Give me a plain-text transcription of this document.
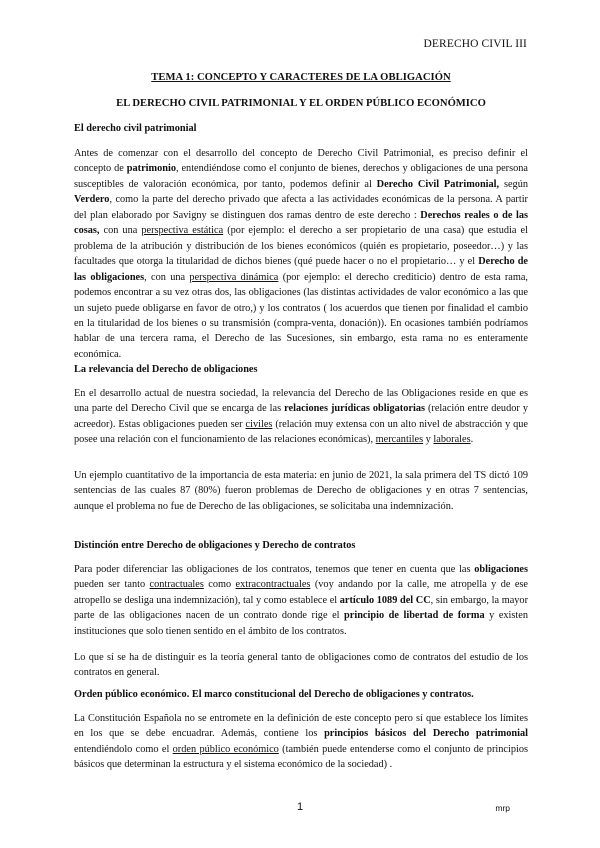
DERECHO CIVIL III
TEMA 1: CONCEPTO Y CARACTERES DE LA OBLIGACIÓN
EL DERECHO CIVIL PATRIMONIAL Y EL ORDEN PÚBLICO ECONÓMICO
El derecho civil patrimonial

Antes de comenzar con el desarrollo del concepto de Derecho Civil Patrimonial, es preciso definir el concepto de patrimonio, entendiéndose como el conjunto de bienes, derechos y obligaciones de una persona susceptibles de valoración económica, por tanto, podemos definir al Derecho Civil Patrimonial, según Verdero, como la parte del derecho privado que afecta a las actividades económicas de la persona. A partir del plan elaborado por Savigny se distinguen dos ramas dentro de este derecho : Derechos reales o de las cosas, con una perspectiva estática (por ejemplo: el derecho a ser propietario de una casa) que estudia el problema de la atribución y distribución de los bienes económicos (quién es propietario, poseedor…) y las facultades que otorga la titularidad de dichos bienes (qué puede hacer o no el propietario… y el Derecho de las obligaciones, con una perspectiva dinámica (por ejemplo: el derecho crediticio) dentro de esta rama, podemos encontrar a su vez otras dos, las obligaciones (las distintas actividades de valor económico a las que un sujeto puede obligarse en favor de otro,) y los contratos ( los acuerdos que tienen por finalidad el cambio en la titularidad de los bienes o su transmisión (compra-venta, donación)). En ocasiones también podríamos hablar de una tercera rama, el Derecho de las Sucesiones, sin embargo, esta rama no es enteramente económica.

La relevancia del Derecho de obligaciones

En el desarrollo actual de nuestra sociedad, la relevancia del Derecho de las Obligaciones reside en que es una parte del Derecho Civil que se encarga de las relaciones jurídicas obligatorias (relación entre deudor y acreedor). Estas obligaciones pueden ser civiles (relación muy extensa con un alto nivel de abstracción y que posee una relación con el funcionamiento de las relaciones económicas), mercantiles y laborales.

Un ejemplo cuantitativo de la importancia de esta materia: en junio de 2021, la sala primera del TS dictó 109 sentencias de las cuales 87 (80%) fueron problemas de Derecho de obligaciones y en otras 7 sentencias, aunque el problema no fue de Derecho de las obligaciones, se solicitaba una indemnización.

Distinción entre Derecho de obligaciones y Derecho de contratos

Para poder diferenciar las obligaciones de los contratos, tenemos que tener en cuenta que las obligaciones pueden ser tanto contractuales como extracontractuales (voy andando por la calle, me atropella y de ese atropello se desliga una indemnización), tal y como establece el artículo 1089 del CC, sin embargo, la mayor parte de las obligaciones nacen de un contrato donde rige el principio de libertad de forma y existen instituciones que solo tienen sentido en el ámbito de los contratos.

Lo que sí se ha de distinguir es la teoría general tanto de obligaciones como de contratos del estudio de los contratos en general.

Orden público económico. El marco constitucional del Derecho de obligaciones y contratos.

La Constitución Española no se entromete en la definición de este concepto pero sí que establece los límites en los que se debe encuadrar. Además, contiene los principios básicos del Derecho patrimonial entendiéndolo como el orden público económico (también puede entenderse como el conjunto de principios básicos que determinan la estructura y el sistema económico de la sociedad) .

1	mrp
